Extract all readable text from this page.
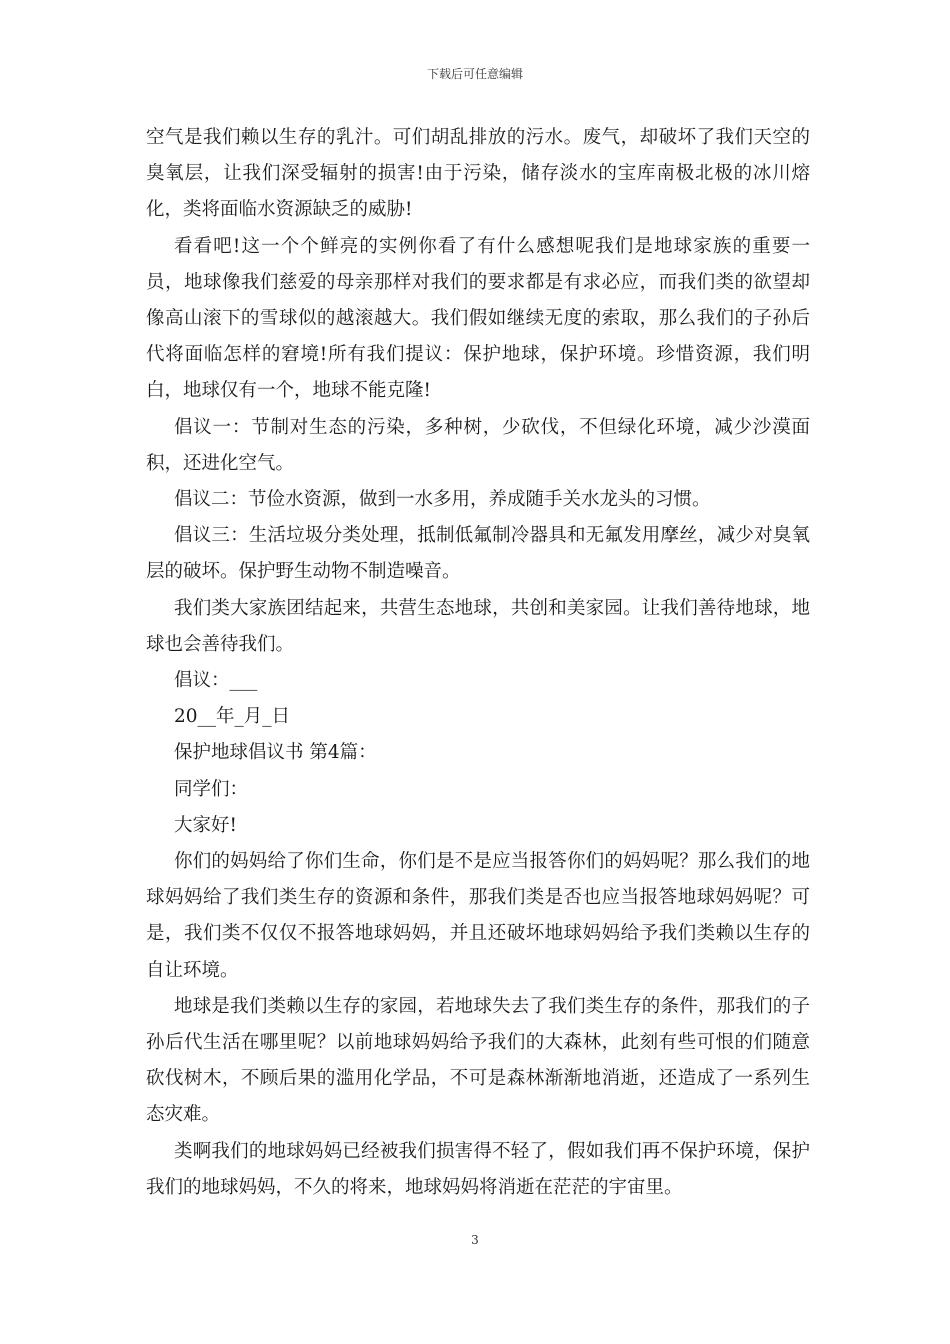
下载后可任意编辑

空气是我们赖以生存的乳汁。可们胡乱排放的污水。废气，却破坏了我们天空的臭氧层，让我们深受辐射的损害!由于污染，储存淡水的宝库南极北极的冰川熔化，类将面临水资源缺乏的威胁!

看看吧!这一个个鲜亮的实例你看了有什么感想呢我们是地球家族的重要一员，地球像我们慈爱的母亲那样对我们的要求都是有求必应，而我们类的欲望却像高山滚下的雪球似的越滚越大。我们假如继续无度的索取，那么我们的子孙后代将面临怎样的窘境!所有我们提议：保护地球，保护环境。珍惜资源，我们明白，地球仅有一个，地球不能克隆!

倡议一：节制对生态的污染，多种树，少砍伐，不但绿化环境，减少沙漠面积，还进化空气。

倡议二：节俭水资源，做到一水多用，养成随手关水龙头的习惯。

倡议三：生活垃圾分类处理，抵制低氟制冷器具和无氟发用摩丝，减少对臭氧层的破坏。保护野生动物不制造噪音。

我们类大家族团结起来，共营生态地球，共创和美家园。让我们善待地球，地球也会善待我们。

倡议：___

20__年_月_日

保护地球倡议书 第4篇：

同学们：

大家好!

你们的妈妈给了你们生命，你们是不是应当报答你们的妈妈呢？那么我们的地球妈妈给了我们类生存的资源和条件，那我们类是否也应当报答地球妈妈呢？可是，我们类不仅仅不报答地球妈妈，并且还破坏地球妈妈给予我们类赖以生存的自让环境。

地球是我们类赖以生存的家园，若地球失去了我们类生存的条件，那我们的子孙后代生活在哪里呢？以前地球妈妈给予我们的大森林，此刻有些可恨的们随意砍伐树木，不顾后果的滥用化学品，不可是森林渐渐地消逝，还造成了一系列生态灾难。

类啊我们的地球妈妈已经被我们损害得不轻了，假如我们再不保护环境，保护我们的地球妈妈，不久的将来，地球妈妈将消逝在茫茫的宇宙里。

3
